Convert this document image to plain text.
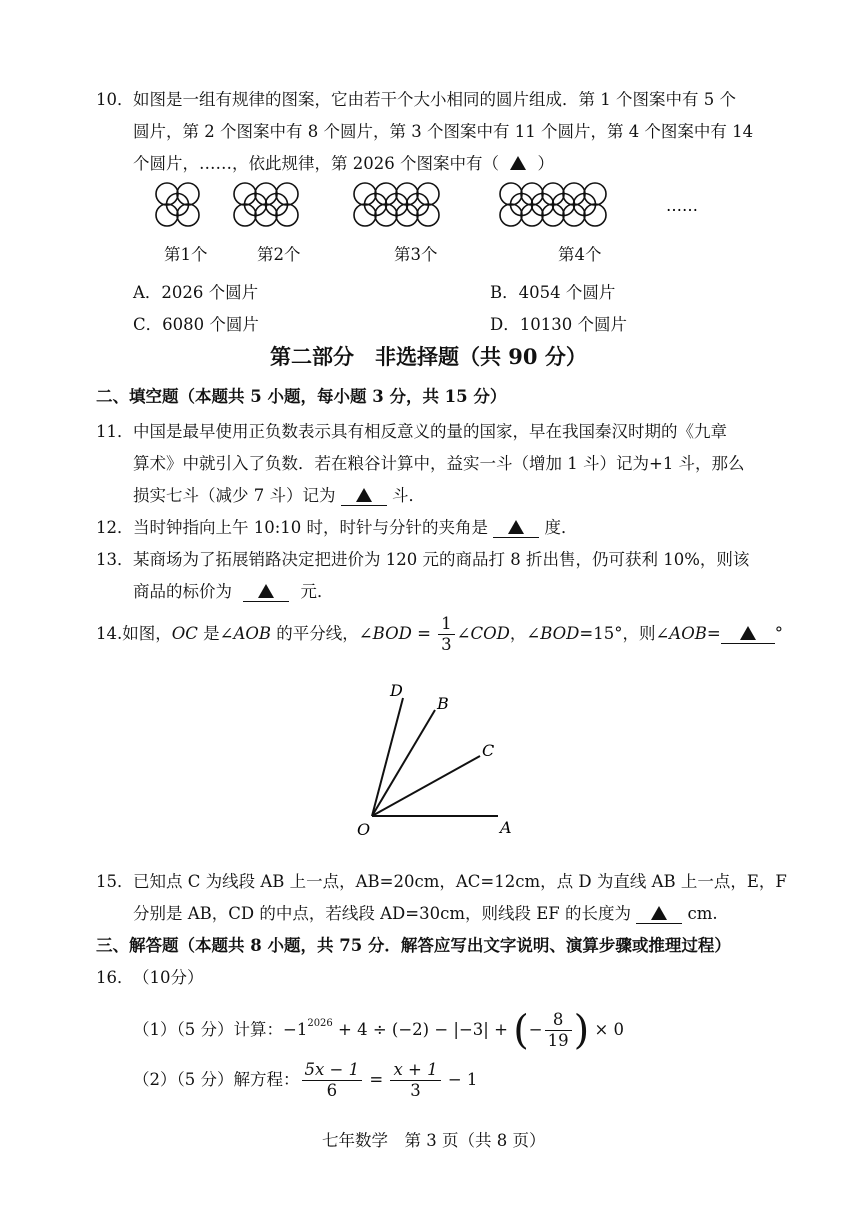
10． 如图是一组有规律的图案，它由若干个大小相同的圆片组成．第 1 个图案中有 5 个
圆片，第 2 个图案中有 8 个圆片，第 3 个图案中有 11 个圆片，第 4 个图案中有 14
个圆片，……，依此规律，第 2026 个图案中有（ ）
……
第1个	第2个	第3个	第4个
A．2026 个圆片	B．4054 个圆片
C．6080 个圆片	D．10130 个圆片
第二部分　非选择题（共 90 分）
二、填空题（本题共 5 小题，每小题 3 分，共 15 分）
11． 中国是最早使用正负数表示具有相反意义的量的国家，早在我国秦汉时期的《九章
算术》中就引入了负数．若在粮谷计算中，益实一斗（增加 1 斗）记为+1 斗，那么
损实七斗（减少 7 斗）记为	斗．
12． 当时钟指向上午 10:10 时，时针与分针的夹角是	度．
13． 某商场为了拓展销路决定把进价为 120 元的商品打 8 折出售，仍可获利 10%，则该
商品的标价为	元．
14.如图，OC 是∠AOB 的平分线，∠BOD = $\frac{1}{3}$ ∠COD，∠BOD=15°，则∠AOB=	°
O	A
C
B
D
15． 已知点 C 为线段 AB 上一点，AB=20cm，AC=12cm，点 D 为直线 AB 上一点，E，F
分别是 AB，CD 的中点，若线段 AD=30cm，则线段 EF 的长度为	cm.
三、解答题（本题共 8 小题，共 75 分．解答应写出文字说明、演算步骤或推理过程）
16． （10分）
（1）（5 分）计算：$-1^{2026} + 4 \div (-2) - |-3|$ + (− $\frac{8}{19}$ ) × 0
（2）（5 分）解方程： $\frac{5x - 1}{6} = \frac{x + 1}{3} - 1$
七年数学　第 3 页（共 8 页）
